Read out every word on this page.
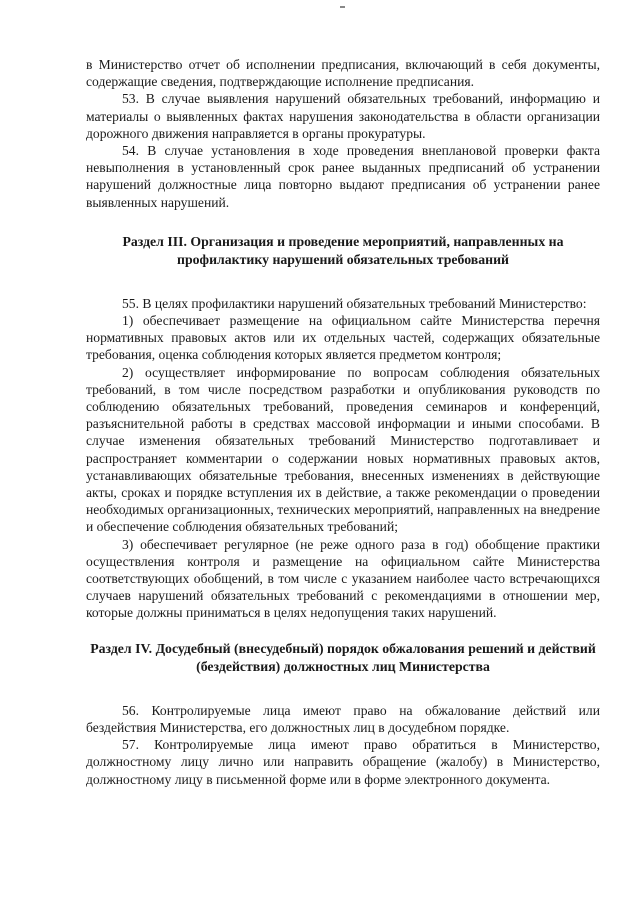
в Министерство отчет об исполнении предписания, включающий в себя документы, содержащие сведения, подтверждающие исполнение предписания.

53. В случае выявления нарушений обязательных требований, информацию и материалы о выявленных фактах нарушения законодательства в области организации дорожного движения направляется в органы прокуратуры.

54. В случае установления в ходе проведения внеплановой проверки факта невыполнения в установленный срок ранее выданных предписаний об устранении нарушений должностные лица повторно выдают предписания об устранении ранее выявленных нарушений.

Раздел III. Организация и проведение мероприятий, направленных на профилактику нарушений обязательных требований

55. В целях профилактики нарушений обязательных требований Министерство:

1) обеспечивает размещение на официальном сайте Министерства перечня нормативных правовых актов или их отдельных частей, содержащих обязательные требования, оценка соблюдения которых является предметом контроля;

2) осуществляет информирование по вопросам соблюдения обязательных требований, в том числе посредством разработки и опубликования руководств по соблюдению обязательных требований, проведения семинаров и конференций, разъяснительной работы в средствах массовой информации и иными способами. В случае изменения обязательных требований Министерство подготавливает и распространяет комментарии о содержании новых нормативных правовых актов, устанавливающих обязательные требования, внесенных изменениях в действующие акты, сроках и порядке вступления их в действие, а также рекомендации о проведении необходимых организационных, технических мероприятий, направленных на внедрение и обеспечение соблюдения обязательных требований;

3) обеспечивает регулярное (не реже одного раза в год) обобщение практики осуществления контроля и размещение на официальном сайте Министерства соответствующих обобщений, в том числе с указанием наиболее часто встречающихся случаев нарушений обязательных требований с рекомендациями в отношении мер, которые должны приниматься в целях недопущения таких нарушений.

Раздел IV. Досудебный (внесудебный) порядок обжалования решений и действий (бездействия) должностных лиц Министерства

56. Контролируемые лица имеют право на обжалование действий или бездействия Министерства, его должностных лиц в досудебном порядке.

57. Контролируемые лица имеют право обратиться в Министерство, должностному лицу лично или направить обращение (жалобу) в Министерство, должностному лицу в письменной форме или в форме электронного документа.
